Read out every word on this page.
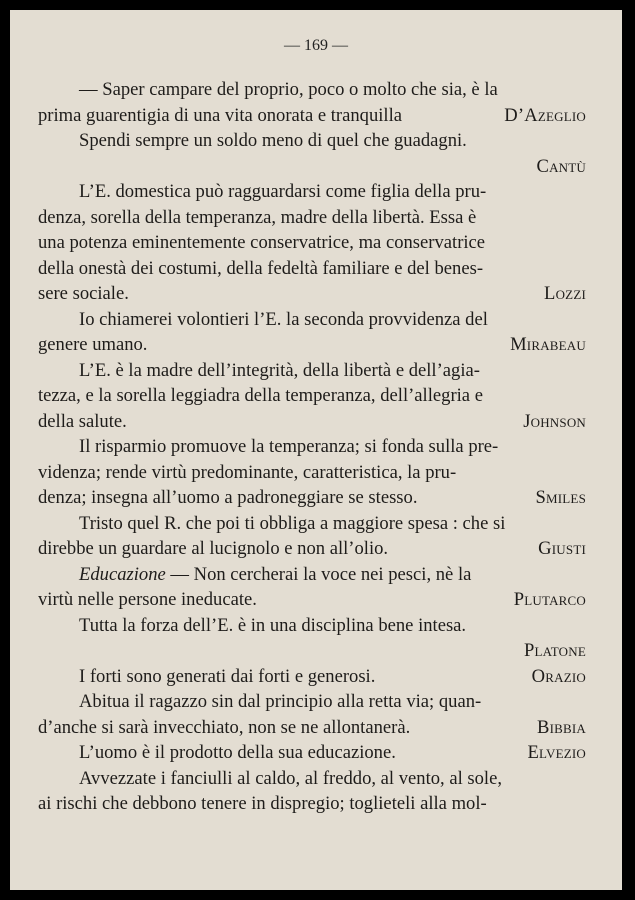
— 169 —
— Saper campare del proprio, poco o molto che sia, è la
prima guarentigia di una vita onorata e tranquilla	D’Azeglio
Spendi sempre un soldo meno di quel che guadagni.
Cantù
L’E. domestica può ragguardarsi come figlia della pru-
denza, sorella della temperanza, madre della libertà. Essa è
una potenza eminentemente conservatrice, ma conservatrice
della onestà dei costumi, della fedeltà familiare e del benes-
sere sociale.	Lozzi
Io chiamerei volontieri l’E. la seconda provvidenza del
genere umano.	Mirabeau
L’E. è la madre dell’integrità, della libertà e dell’agia-
tezza, e la sorella leggiadra della temperanza, dell’allegria e
della salute.	Johnson
Il risparmio promuove la temperanza; si fonda sulla pre-
videnza; rende virtù predominante, caratteristica, la pru-
denza; insegna all’uomo a padroneggiare se stesso.	Smiles
Tristo quel R. che poi ti obbliga a maggiore spesa : che si
direbbe un guardare al lucignolo e non all’olio.	Giusti
Educazione — Non cercherai la voce nei pesci, nè la
virtù nelle persone ineducate.	Plutarco
Tutta la forza dell’E. è in una disciplina bene intesa.
Platone
I forti sono generati dai forti e generosi.	Orazio
Abitua il ragazzo sin dal principio alla retta via; quan-
d’anche si sarà invecchiato, non se ne allontanerà.	Bibbia
L’uomo è il prodotto della sua educazione.	Elvezio
Avvezzate i fanciulli al caldo, al freddo, al vento, al sole,
ai rischi che debbono tenere in dispregio; toglieteli alla mol-
